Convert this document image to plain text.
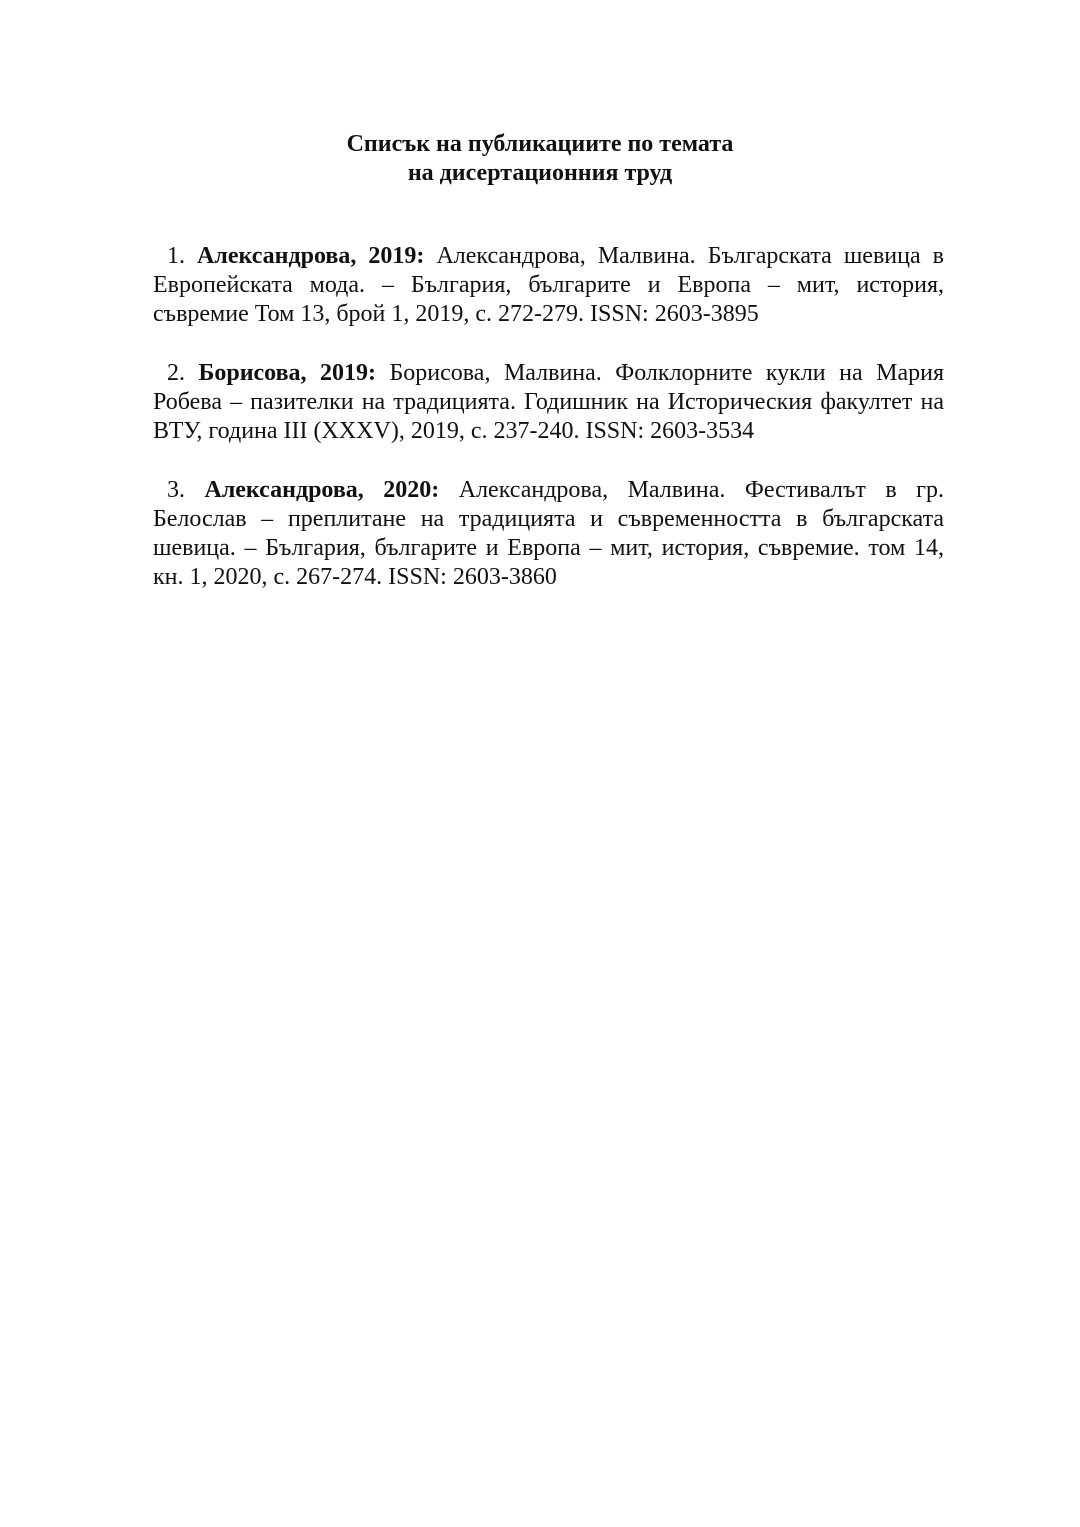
Списък на публикациите по темата
на дисертационния труд

1. Александрова, 2019: Александрова, Малвина. Българската шевица в Европейската мода. – България, българите и Европа – мит, история, съвремие Том 13, брой 1, 2019, с. 272-279. ISSN: 2603-3895

2. Борисова, 2019: Борисова, Малвина. Фолклорните кукли на Мария Робева – пазителки на традицията. Годишник на Историческия факултет на ВТУ, година III (XXXV), 2019, с. 237-240. ISSN: 2603-3534

3. Александрова, 2020: Александрова, Малвина. Фестивалът в гр. Белослав – преплитане на традицията и съвременността в българската шевица. – България, българите и Европа – мит, история, съвремие. том 14, кн. 1, 2020, с. 267-274. ISSN: 2603-3860
